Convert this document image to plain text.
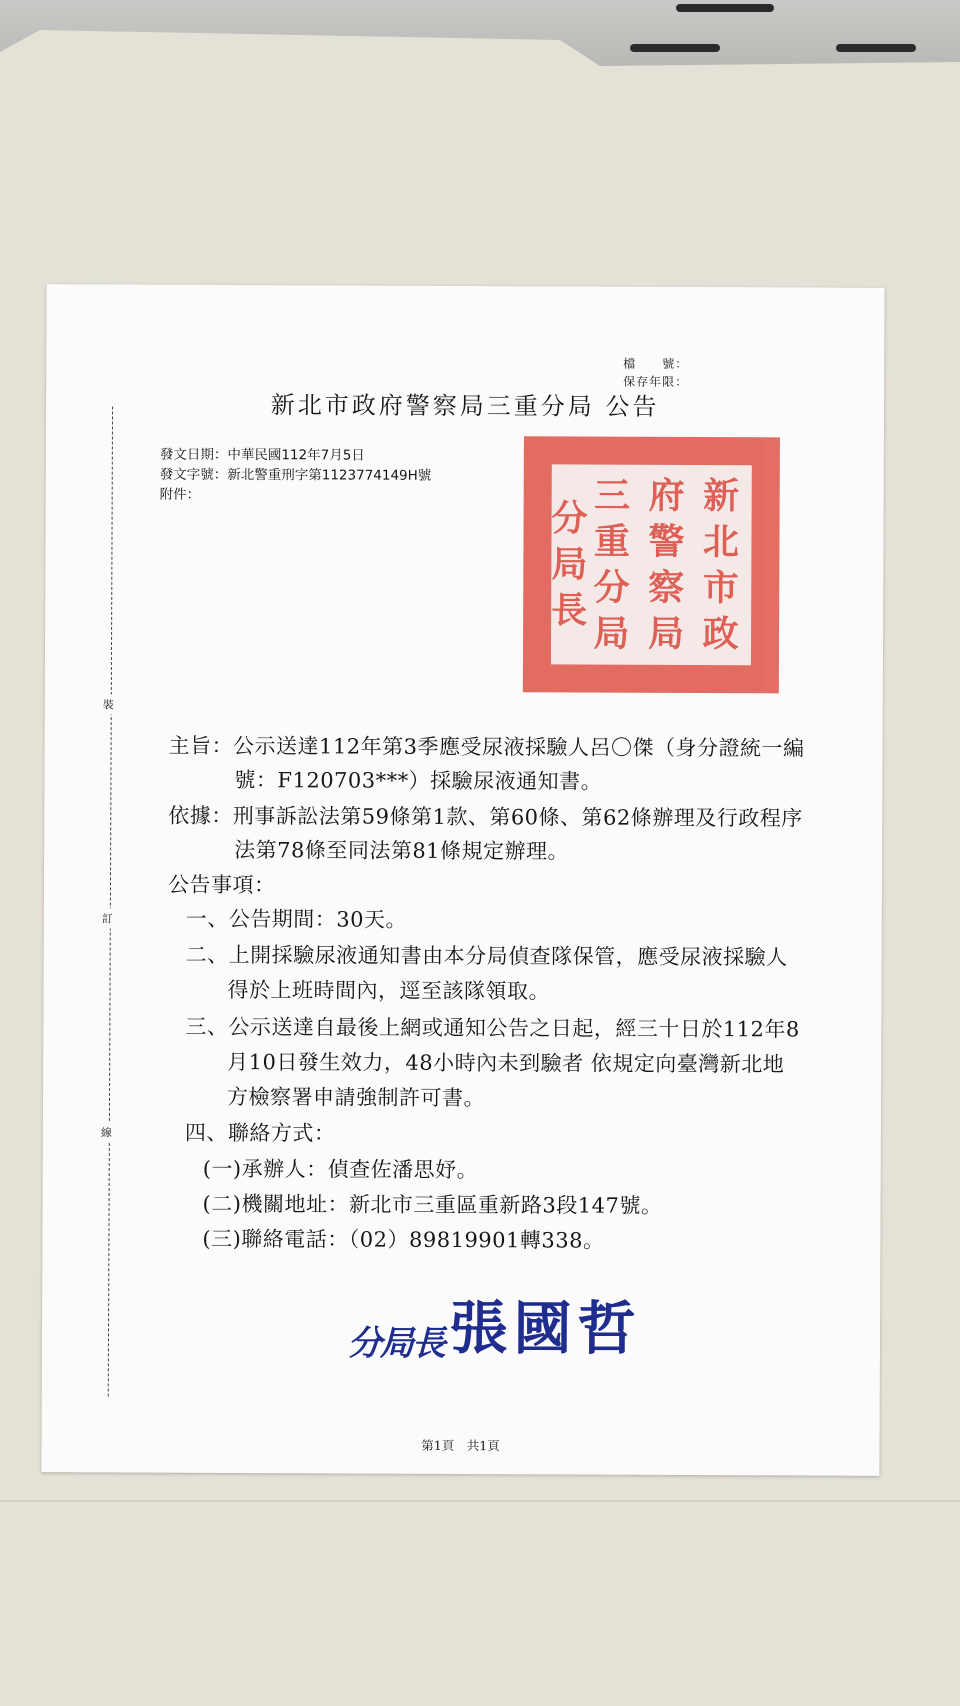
裝
訂
線
檔　　號：
保存年限：
新北市政府警察局三重分局 公告
發文日期：中華民國112年7月5日
發文字號：新北警重刑字第1123774149H號
附件：	新北市政
府警察局
三重分局
分局長
主旨：公示送達112年第3季應受尿液採驗人呂〇傑（身分證統一編
號：F120703***）採驗尿液通知書。
依據：刑事訴訟法第59條第1款、第60條、第62條辦理及行政程序
法第78條至同法第81條規定辦理。
公告事項：
一、公告期間：30天。
二、上開採驗尿液通知書由本分局偵查隊保管，應受尿液採驗人
得於上班時間內，逕至該隊領取。
三、公示送達自最後上網或通知公告之日起，經三十日於112年8
月10日發生效力，48小時內未到驗者 依規定向臺灣新北地
方檢察署申請強制許可書。
四、聯絡方式：
(一)承辦人：偵查佐潘思妤。
(二)機關地址：新北市三重區重新路3段147號。
(三)聯絡電話：（02）89819901轉338。
分局長 張國哲
第1頁　共1頁
